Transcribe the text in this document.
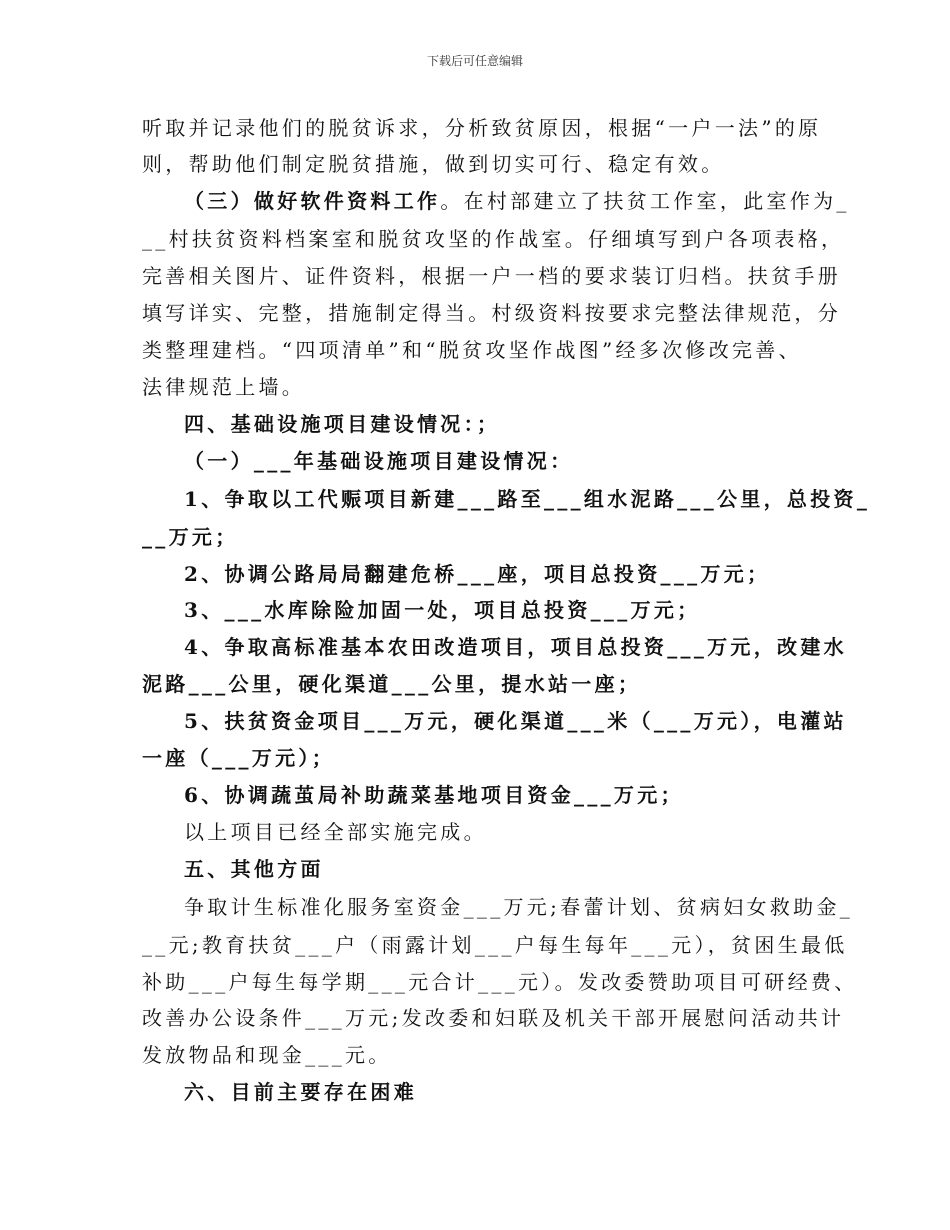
下载后可任意编辑
听取并记录他们的脱贫诉求，分析致贫原因，根据“一户一法”的原
则，帮助他们制定脱贫措施，做到切实可行、稳定有效。
（三）做好软件资料工作。在村部建立了扶贫工作室，此室作为_
__村扶贫资料档案室和脱贫攻坚的作战室。仔细填写到户各项表格，
完善相关图片、证件资料，根据一户一档的要求装订归档。扶贫手册
填写详实、完整，措施制定得当。村级资料按要求完整法律规范，分
类整理建档。“四项清单”和“脱贫攻坚作战图”经多次修改完善、
法律规范上墙。
四、基础设施项目建设情况：；
（一）___年基础设施项目建设情况：
1、争取以工代赈项目新建___路至___组水泥路___公里，总投资_
__万元；
2、协调公路局局翻建危桥___座，项目总投资___万元；
3、___水库除险加固一处，项目总投资___万元；
4、争取高标准基本农田改造项目，项目总投资___万元，改建水
泥路___公里，硬化渠道___公里，提水站一座；
5、扶贫资金项目___万元，硬化渠道___米（___万元），电灌站
一座（___万元）；
6、协调蔬茧局补助蔬菜基地项目资金___万元；
以上项目已经全部实施完成。
五、其他方面
争取计生标准化服务室资金___万元;春蕾计划、贫病妇女救助金_
__元;教育扶贫___户（雨露计划___户每生每年___元），贫困生最低
补助___户每生每学期___元合计___元）。发改委赞助项目可研经费、
改善办公设条件___万元;发改委和妇联及机关干部开展慰问活动共计
发放物品和现金___元。
六、目前主要存在困难
